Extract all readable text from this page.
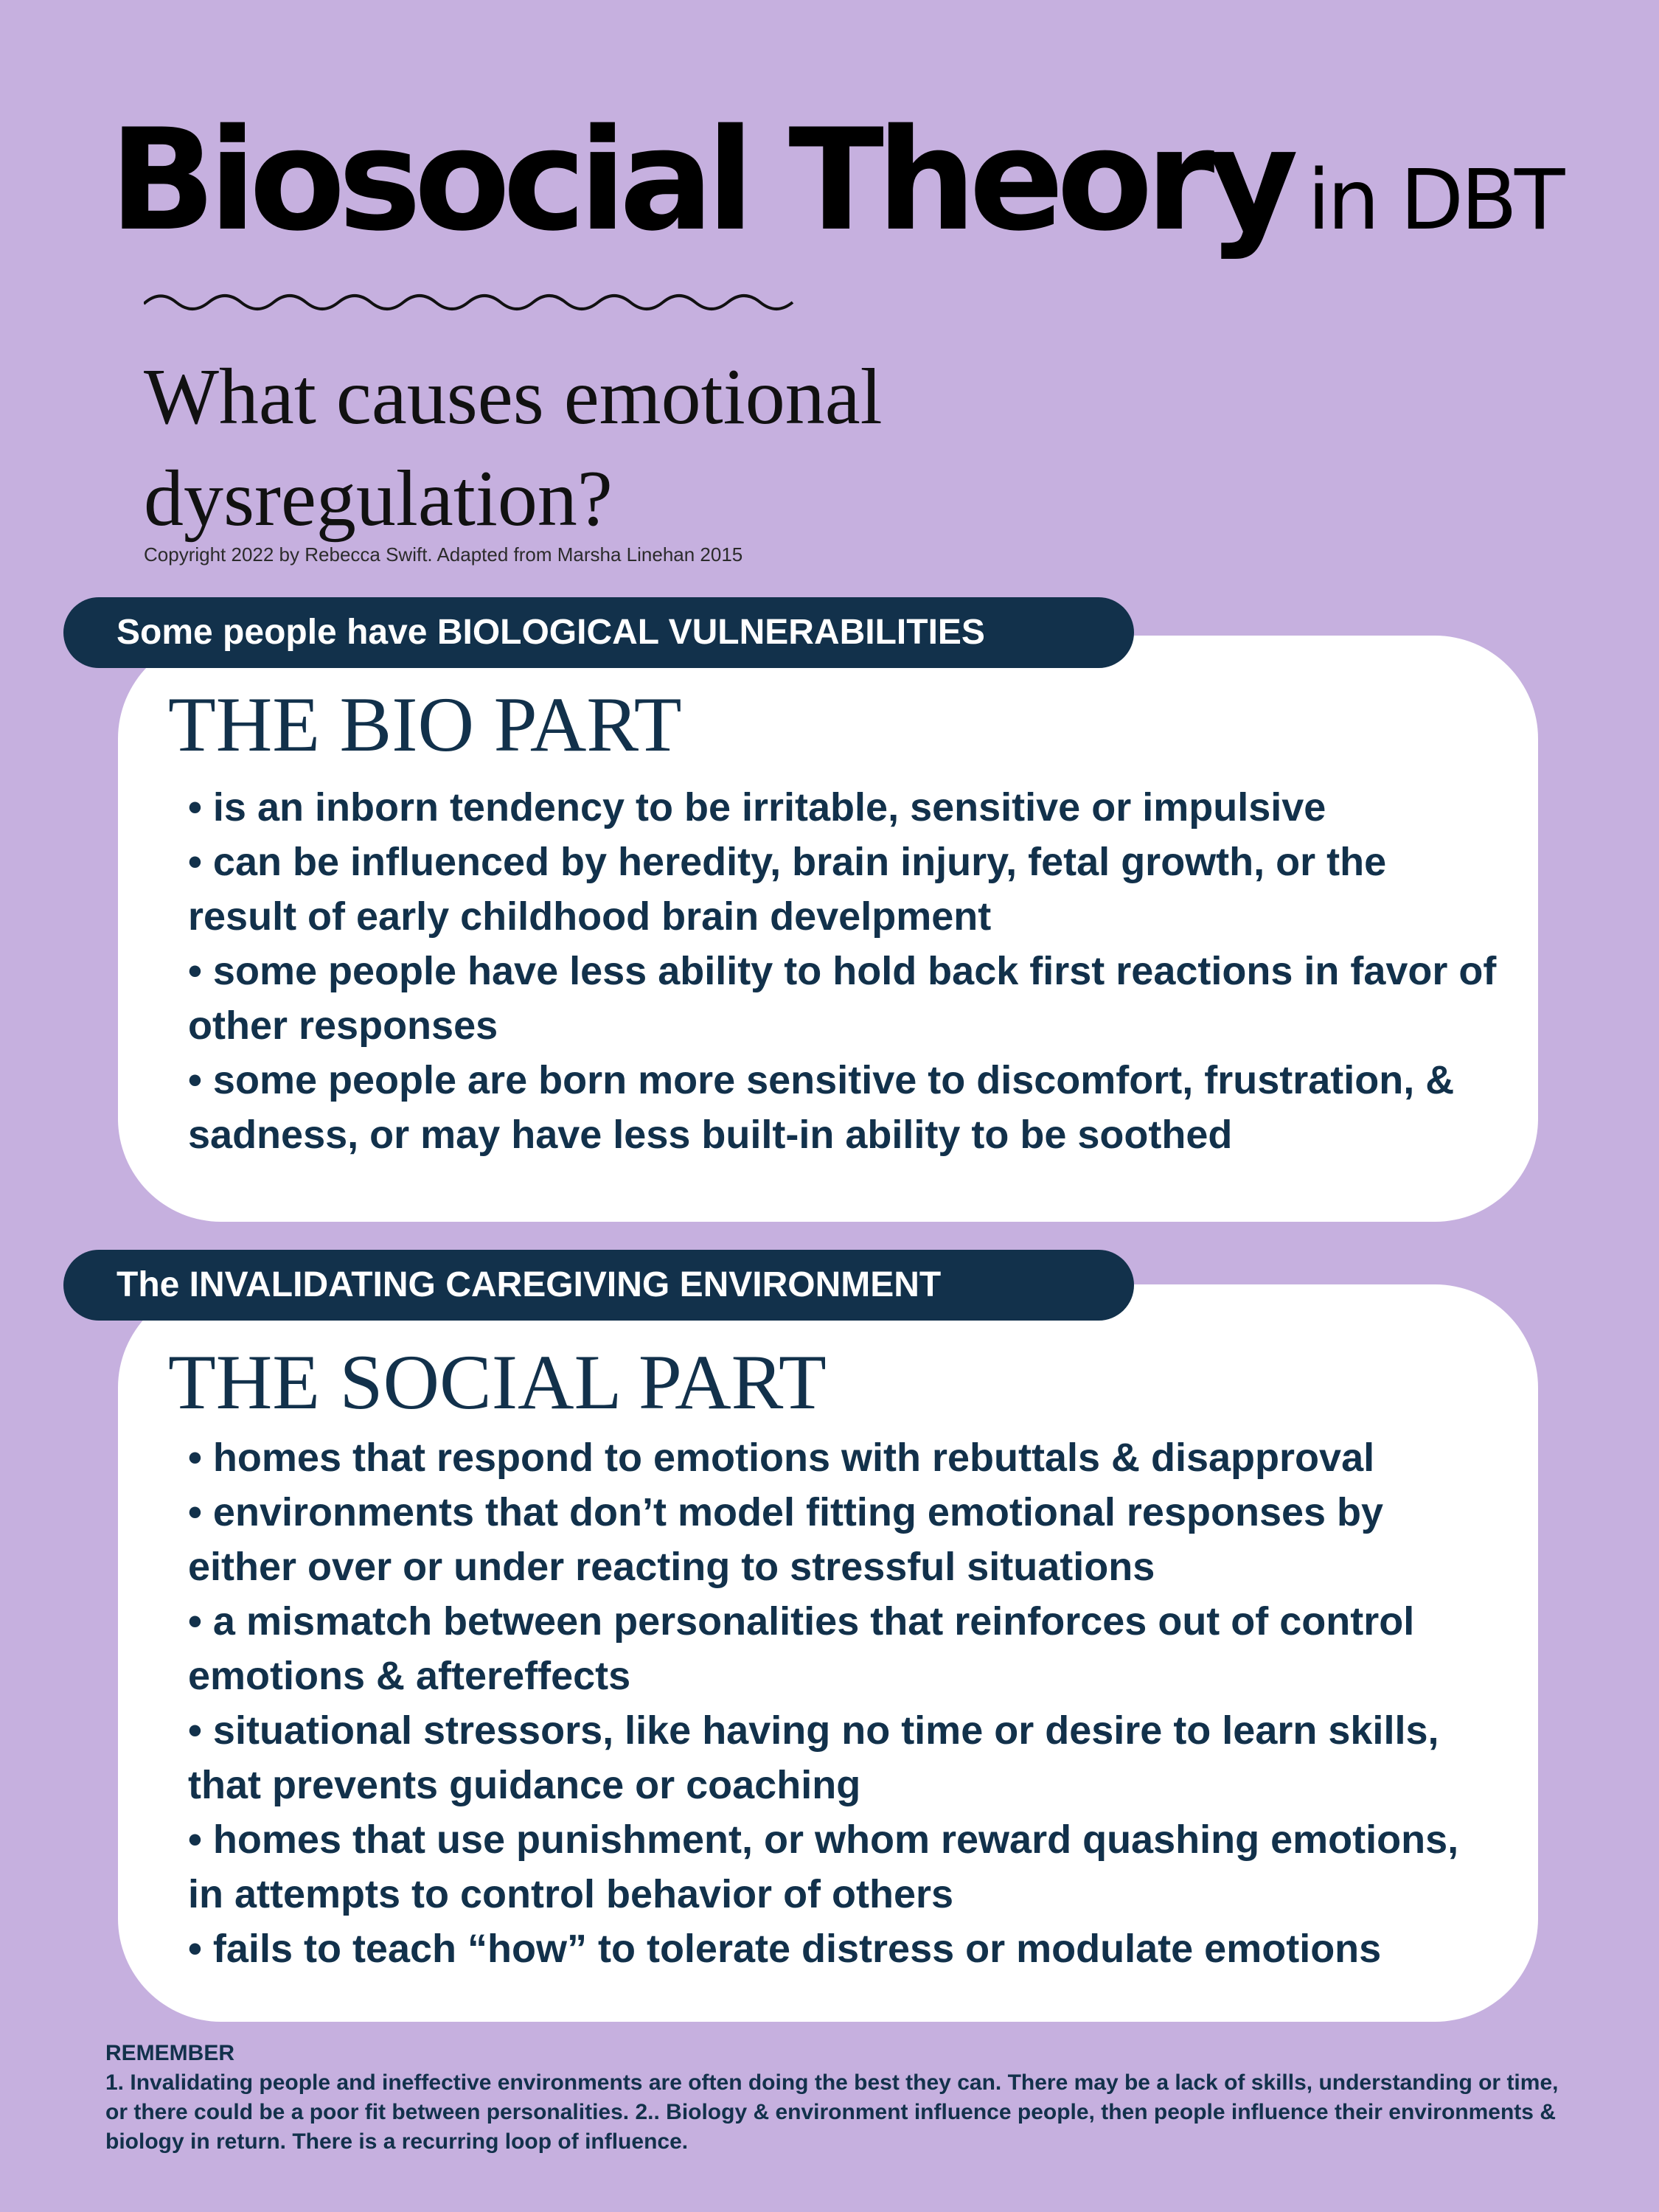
Biosocial Theory in DBT
What causes emotional
dysregulation?
Copyright 2022 by Rebecca Swift. Adapted from Marsha Linehan 2015
THE BIO PART
• is an inborn tendency to be irritable, sensitive or impulsive
• can be influenced by heredity, brain injury, fetal growth, or the result of early childhood brain develpment
• some people have less ability to hold back first reactions in favor of other responses
• some people are born more sensitive to discomfort, frustration, & sadness, or may have less built-in ability to be soothed
Some people have BIOLOGICAL VULNERABILITIES
THE SOCIAL PART
• homes that respond to emotions with rebuttals & disapproval
• environments that don’t model fitting emotional responses by either over or under reacting to stressful situations
• a mismatch between personalities that reinforces out of control emotions & aftereffects
• situational stressors, like having no time or desire to learn skills, that prevents guidance or coaching
• homes that use punishment, or whom reward quashing emotions, in attempts to control behavior of others
• fails to teach “how” to tolerate distress or modulate emotions
The INVALIDATING CAREGIVING ENVIRONMENT
REMEMBER

1. Invalidating people and ineffective environments are often doing the best they can. There may be a lack of skills, understanding or time, or there could be a poor fit between personalities. 2.. Biology & environment influence people, then people influence their environments & biology in return. There is a recurring loop of influence.
